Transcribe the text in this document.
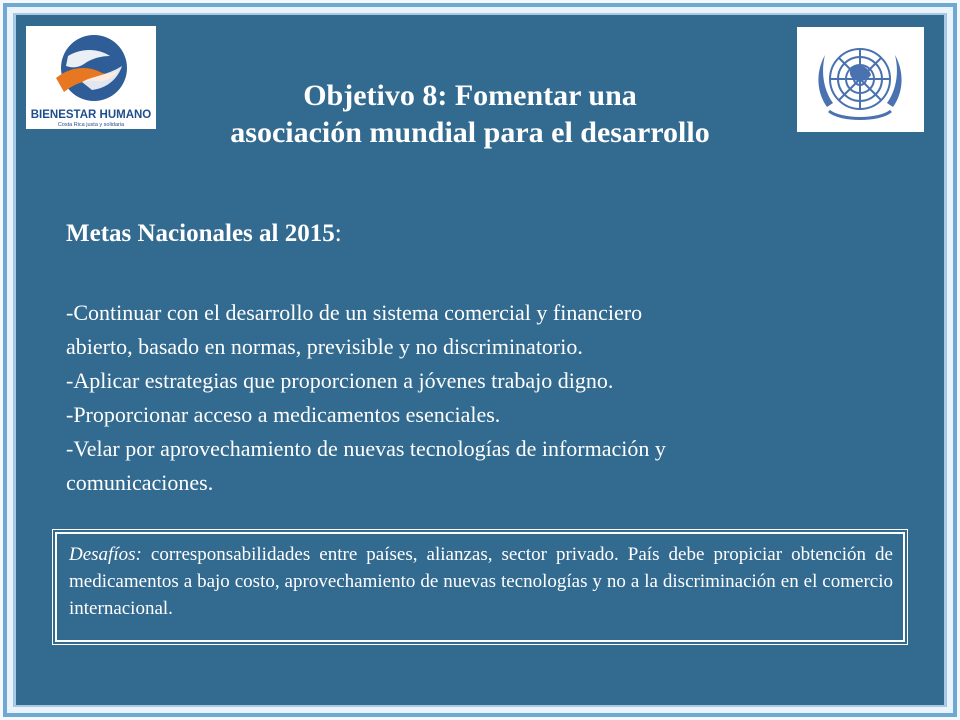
BIENESTAR HUMANO
Costa Rica justa y solidaria
Objetivo 8: Fomentar una
asociación mundial para el desarrollo
Metas Nacionales al 2015:
-Continuar con el desarrollo de un sistema comercial y financiero
abierto, basado en normas, previsible y no discriminatorio.
-Aplicar estrategias que proporcionen a jóvenes trabajo digno.
-Proporcionar acceso a medicamentos esenciales.
-Velar por aprovechamiento de nuevas tecnologías de información y
comunicaciones.
Desafíos: corresponsabilidades entre países, alianzas, sector privado. País debe propiciar obtención de medicamentos a bajo costo, aprovechamiento de nuevas tecnologías y no a la discriminación en el comercio internacional.
